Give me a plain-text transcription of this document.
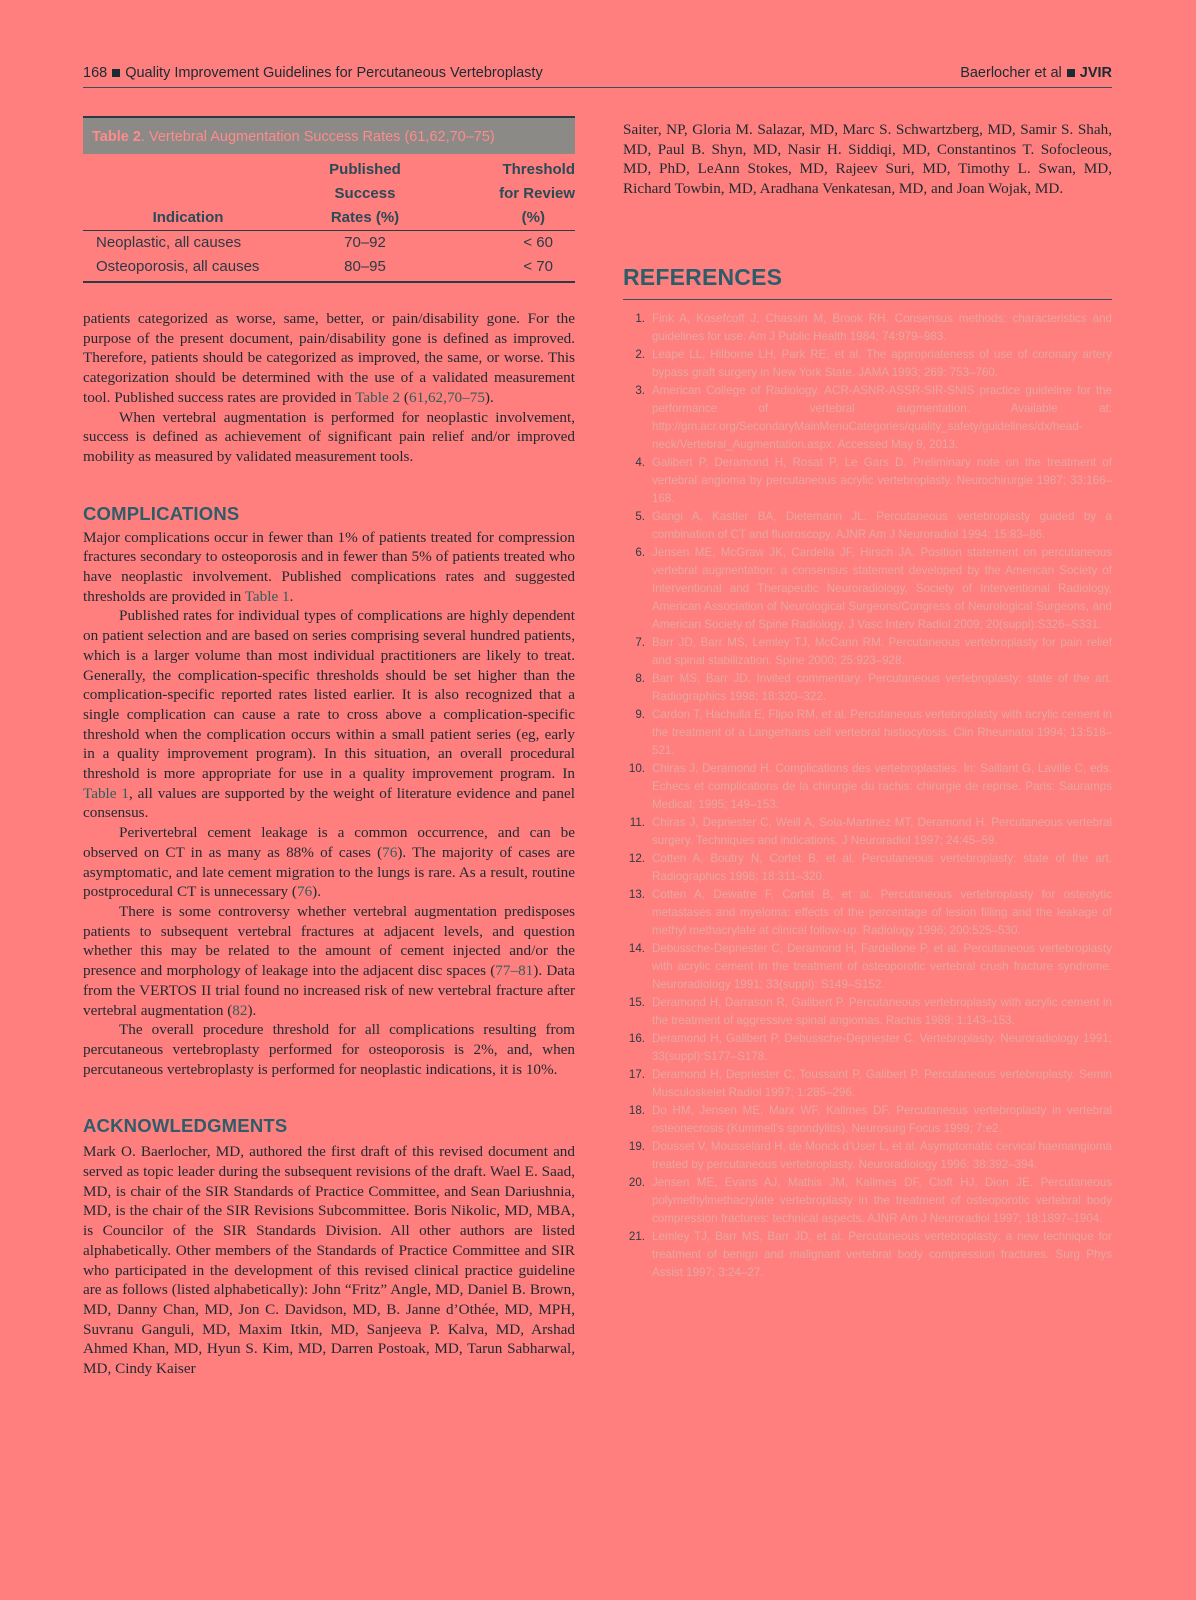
168 Quality Improvement Guidelines for Percutaneous Vertebroplasty	Baerlocher et al JVIR
Table 2. Vertebral Augmentation Success Rates (61,62,70–75)
	Published	Threshold
	Success	for Review
Indication	Rates (%)	(%)
Neoplastic, all causes	70–92	< 60
Osteoporosis, all causes	80–95	< 70

patients categorized as worse, same, better, or pain/disability gone. For the purpose of the present document, pain/disability gone is defined as improved. Therefore, patients should be categorized as improved, the same, or worse. This categorization should be determined with the use of a validated measurement tool. Published success rates are provided in Table 2 (61,62,70–75).

When vertebral augmentation is performed for neoplastic involvement, success is defined as achievement of significant pain relief and/or improved mobility as measured by validated measurement tools.

COMPLICATIONS

Major complications occur in fewer than 1% of patients treated for compression fractures secondary to osteoporosis and in fewer than 5% of patients treated who have neoplastic involvement. Published complications rates and suggested thresholds are provided in Table 1.

Published rates for individual types of complications are highly dependent on patient selection and are based on series comprising several hundred patients, which is a larger volume than most individual practitioners are likely to treat. Generally, the complication-specific thresholds should be set higher than the complication-specific reported rates listed earlier. It is also recognized that a single complication can cause a rate to cross above a complication-specific threshold when the complication occurs within a small patient series (eg, early in a quality improvement program). In this situation, an overall procedural threshold is more appropriate for use in a quality improvement program. In Table 1, all values are supported by the weight of literature evidence and panel consensus.

Perivertebral cement leakage is a common occurrence, and can be observed on CT in as many as 88% of cases (76). The majority of cases are asymptomatic, and late cement migration to the lungs is rare. As a result, routine postprocedural CT is unnecessary (76).

There is some controversy whether vertebral augmentation predisposes patients to subsequent vertebral fractures at adjacent levels, and question whether this may be related to the amount of cement injected and/or the presence and morphology of leakage into the adjacent disc spaces (77–81). Data from the VERTOS II trial found no increased risk of new vertebral fracture after vertebral augmentation (82).

The overall procedure threshold for all complications resulting from percutaneous vertebroplasty performed for osteoporosis is 2%, and, when percutaneous vertebroplasty is performed for neoplastic indications, it is 10%.

ACKNOWLEDGMENTS

Mark O. Baerlocher, MD, authored the first draft of this revised document and served as topic leader during the subsequent revisions of the draft. Wael E. Saad, MD, is chair of the SIR Standards of Practice Committee, and Sean Dariushnia, MD, is the chair of the SIR Revisions Subcommittee. Boris Nikolic, MD, MBA, is Councilor of the SIR Standards Division. All other authors are listed alphabetically. Other members of the Standards of Practice Committee and SIR who participated in the development of this revised clinical practice guideline are as follows (listed alphabetically): John “Fritz” Angle, MD, Daniel B. Brown, MD, Danny Chan, MD, Jon C. Davidson, MD, B. Janne d’Othée, MD, MPH, Suvranu Ganguli, MD, Maxim Itkin, MD, Sanjeeva P. Kalva, MD, Arshad Ahmed Khan, MD, Hyun S. Kim, MD, Darren Postoak, MD, Tarun Sabharwal, MD, Cindy Kaiser

Saiter, NP, Gloria M. Salazar, MD, Marc S. Schwartzberg, MD, Samir S. Shah, MD, Paul B. Shyn, MD, Nasir H. Siddiqi, MD, Constantinos T. Sofocleous, MD, PhD, LeAnn Stokes, MD, Rajeev Suri, MD, Timothy L. Swan, MD, Richard Towbin, MD, Aradhana Venkatesan, MD, and Joan Wojak, MD.

REFERENCES
1. Fink A, Kosefcoff J, Chassin M, Brook RH. Consensus methods: characteristics and guidelines for use. Am J Public Health 1984; 74:979–983.
2. Leape LL, Hilborne LH, Park RE, et al. The appropriateness of use of coronary artery bypass graft surgery in New York State. JAMA 1993; 269: 753–760.
3. American College of Radiology. ACR-ASNR-ASSR-SIR-SNIS practice guideline for the performance of vertebral augmentation. Available at: http://gm.acr.org/SecondaryMainMenuCategories/quality_safety/guidelines/dx/head-neck/Vertebral_Augmentation.aspx. Accessed May 9, 2013.
4. Galibert P, Deramond H, Rosat P, Le Gars D. Preliminary note on the treatment of vertebral angioma by percutaneous acrylic vertebroplasty. Neurochirurgie 1987; 33:166–168.
5. Gangi A, Kastler BA, Dietemann JL. Percutaneous vertebroplasty guided by a combination of CT and fluoroscopy. AJNR Am J Neuroradiol 1994; 15:83–86.
6. Jensen ME, McGraw JK, Cardella JF, Hirsch JA. Position statement on percutaneous vertebral augmentation: a consensus statement developed by the American Society of Interventional and Therapeutic Neuroradiology, Society of Interventional Radiology, American Association of Neurological Surgeons/Congress of Neurological Surgeons, and American Society of Spine Radiology. J Vasc Interv Radiol 2009; 20(suppl):S326–S331.
7. Barr JD, Barr MS, Lemley TJ, McCann RM. Percutaneous vertebroplasty for pain relief and spinal stabilization. Spine 2000; 25:923–928.
8. Barr MS, Barr JD. Invited commentary. Percutaneous vertebroplasty: state of the art. Radiographics 1998; 18:320–322.
9. Cardon T, Hachulla E, Flipo RM, et al. Percutaneous vertebroplasty with acrylic cement in the treatment of a Langerhans cell vertebral histiocytosis. Clin Rheumatol 1994; 13:518–521.
10. Chiras J, Deramond H. Complications des vertebroplasties. In: Saillant G, Laville C, eds. Echecs et complications de la chirurgie du rachis: chirurgie de reprise. Paris: Sauramps Medical; 1995; 149–153.
11. Chiras J, Depriester C, Weill A, Sola-Martinez MT, Deramond H. Percutaneous vertebral surgery. Techniques and indications. J Neuroradiol 1997; 24:45–59.
12. Cotten A, Boutry N, Cortet B, et al. Percutaneous vertebroplasty: state of the art. Radiographics 1998; 18:311–320.
13. Cotten A, Dewatre F, Cortet B, et al. Percutaneous vertebroplasty for osteolytic metastases and myeloma: effects of the percentage of lesion filling and the leakage of methyl methacrylate at clinical follow-up. Radiology 1996; 200:525–530.
14. Debussche-Depriester C, Deramond H, Fardellone P, et al. Percutaneous vertebroplasty with acrylic cement in the treatment of osteoporotic vertebral crush fracture syndrome. Neuroradiology 1991; 33(suppl): S149–S152.
15. Deramond H, Darrason R, Galibert P. Percutaneous vertebroplasty with acrylic cement in the treatment of aggressive spinal angiomas. Rachis 1989; 1:143–153.
16. Deramond H, Galibert P, Debussche-Depriester C. Vertebroplasty. Neuroradiology 1991; 33(suppl):S177–S178.
17. Deramond H, Depriester C, Toussaint P, Galibert P. Percutaneous vertebroplasty. Semin Musculoskelet Radiol 1997; 1:285–296.
18. Do HM, Jensen ME, Marx WF, Kallmes DF. Percutaneous vertebroplasty in vertebral osteonecrosis (Kummell’s spondylitis). Neurosurg Focus 1999; 7:e2.
19. Dousset V, Mousselard H, de Monck d’User L, et al. Asymptomatic cervical haemangioma treated by percutaneous vertebroplasty. Neuroradiology 1996; 38:392–394.
20. Jensen ME, Evans AJ, Mathis JM, Kallmes DF, Cloft HJ, Dion JE. Percutaneous polymethylmethacrylate vertebroplasty in the treatment of osteoporotic vertebral body compression fractures: technical aspects. AJNR Am J Neuroradiol 1997; 18:1897–1904.
21. Lemley TJ, Barr MS, Barr JD, et al. Percutaneous vertebroplasty: a new technique for treatment of benign and malignant vertebral body compression fractures. Surg Phys Assist 1997; 3:24–27.
